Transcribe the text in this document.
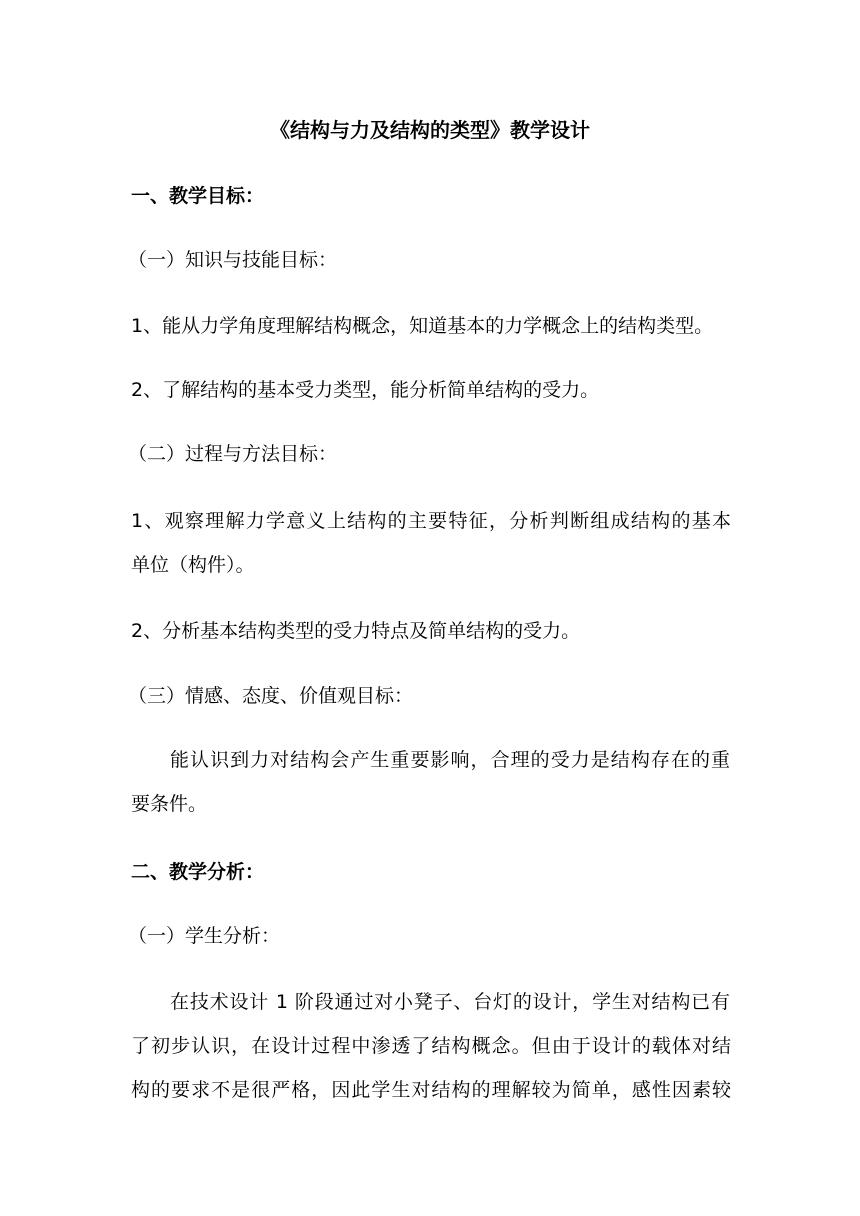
《结构与力及结构的类型》教学设计
一、教学目标：
（一）知识与技能目标：
1、能从力学角度理解结构概念，知道基本的力学概念上的结构类型。
2、了解结构的基本受力类型，能分析简单结构的受力。
（二）过程与方法目标：
1、观察理解力学意义上结构的主要特征，分析判断组成结构的基本
单位（构件）。
2、分析基本结构类型的受力特点及简单结构的受力。
（三）情感、态度、价值观目标：
能认识到力对结构会产生重要影响，合理的受力是结构存在的重
要条件。
二、教学分析：
（一）学生分析：
在技术设计 1 阶段通过对小凳子、台灯的设计，学生对结构已有
了初步认识，在设计过程中渗透了结构概念。但由于设计的载体对结
构的要求不是很严格，因此学生对结构的理解较为简单，感性因素较
